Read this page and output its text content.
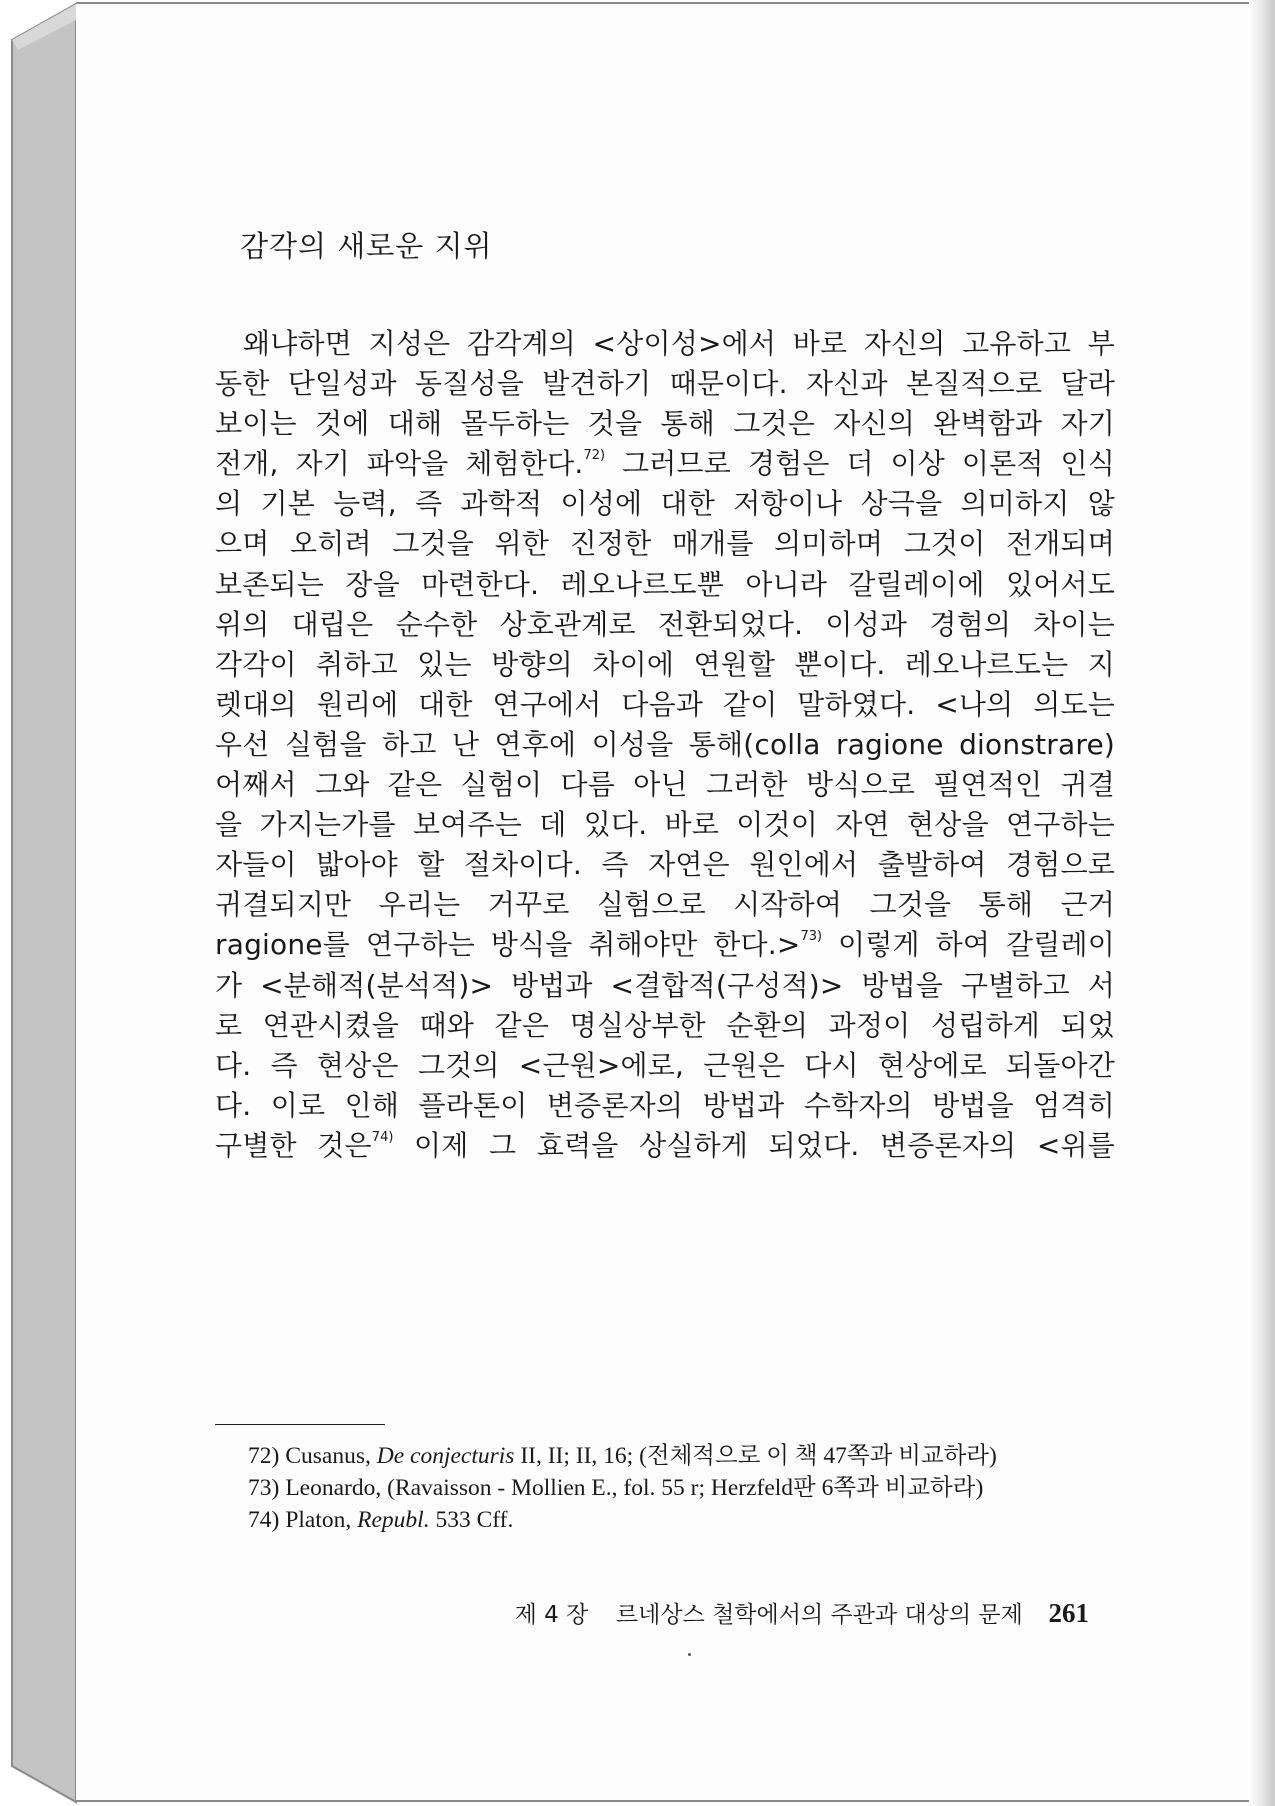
감각의 새로운 지위
왜냐하면 지성은 감각계의 <상이성>에서 바로 자신의 고유하고 부
동한 단일성과 동질성을 발견하기 때문이다. 자신과 본질적으로 달라
보이는 것에 대해 몰두하는 것을 통해 그것은 자신의 완벽함과 자기
전개, 자기 파악을 체험한다.$^{72)}$ 그러므로 경험은 더 이상 이론적 인식
의 기본 능력, 즉 과학적 이성에 대한 저항이나 상극을 의미하지 않
으며 오히려 그것을 위한 진정한 매개를 의미하며 그것이 전개되며
보존되는 장을 마련한다. 레오나르도뿐 아니라 갈릴레이에 있어서도
위의 대립은 순수한 상호관계로 전환되었다. 이성과 경험의 차이는
각각이 취하고 있는 방향의 차이에 연원할 뿐이다. 레오나르도는 지
렛대의 원리에 대한 연구에서 다음과 같이 말하였다. <나의 의도는
우선 실험을 하고 난 연후에 이성을 통해(colla ragione dionstrare)
어째서 그와 같은 실험이 다름 아닌 그러한 방식으로 필연적인 귀결
을 가지는가를 보여주는 데 있다. 바로 이것이 자연 현상을 연구하는
자들이 밟아야 할 절차이다. 즉 자연은 원인에서 출발하여 경험으로
귀결되지만 우리는 거꾸로 실험으로 시작하여 그것을 통해 근거
ragione를 연구하는 방식을 취해야만 한다.>$^{73)}$ 이렇게 하여 갈릴레이
가 <분해적(분석적)> 방법과 <결합적(구성적)> 방법을 구별하고 서
로 연관시켰을 때와 같은 명실상부한 순환의 과정이 성립하게 되었
다. 즉 현상은 그것의 <근원>에로, 근원은 다시 현상에로 되돌아간
다. 이로 인해 플라톤이 변증론자의 방법과 수학자의 방법을 엄격히
구별한 것은$^{74)}$ 이제 그 효력을 상실하게 되었다. 변증론자의 <위를
72) Cusanus, De conjecturis II, II; II, 16; (전체적으로 이 책 47쪽과 비교하라)
73) Leonardo, (Ravaisson - Mollien E., fol. 55 r; Herzfeld판 6쪽과 비교하라)
74) Platon, Republ. 533 Cff.
제 4 장 르네상스 철학에서의 주관과 대상의 문제 261
